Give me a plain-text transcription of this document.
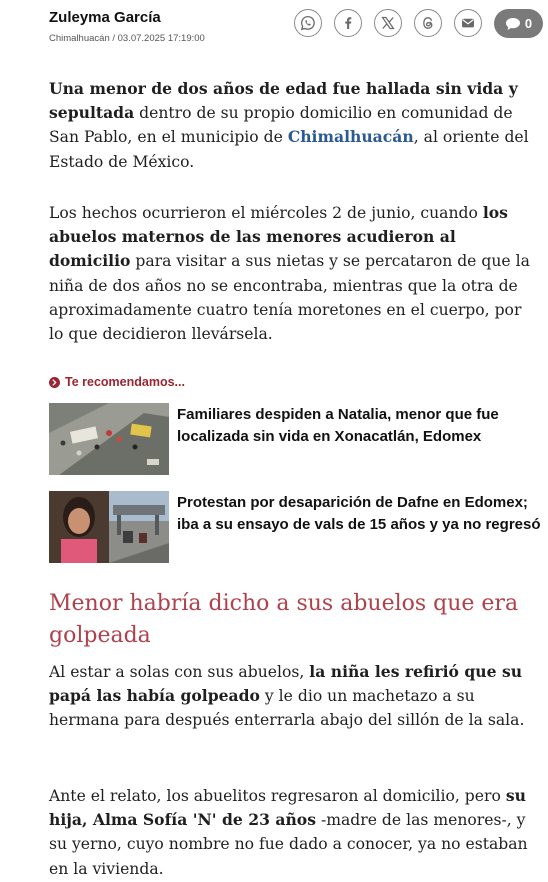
Zuleyma García
Chimalhuacán / 03.07.2025 17:19:00
0
Una menor de dos años de edad fue hallada sin vida y sepultada dentro de su propio domicilio en comunidad de San Pablo, en el municipio de Chimalhuacán, al oriente del Estado de México.
Los hechos ocurrieron el miércoles 2 de junio, cuando los abuelos maternos de las menores acudieron al domicilio para visitar a sus nietas y se percataron de que la niña de dos años no se encontraba, mientras que la otra de aproximadamente cuatro tenía moretones en el cuerpo, por lo que decidieron llevársela.
Te recomendamos...
Familiares despiden a Natalia, menor que fue localizada sin vida en Xonacatlán, Edomex
Protestan por desaparición de Dafne en Edomex; iba a su ensayo de vals de 15 años y ya no regresó
Menor habría dicho a sus abuelos que era golpeada
Al estar a solas con sus abuelos, la niña les refirió que su papá las había golpeado y le dio un machetazo a su hermana para después enterrarla abajo del sillón de la sala.
Ante el relato, los abuelitos regresaron al domicilio, pero su hija, Alma Sofía 'N' de 23 años -madre de las menores-, y su yerno, cuyo nombre no fue dado a conocer, ya no estaban en la vivienda.
